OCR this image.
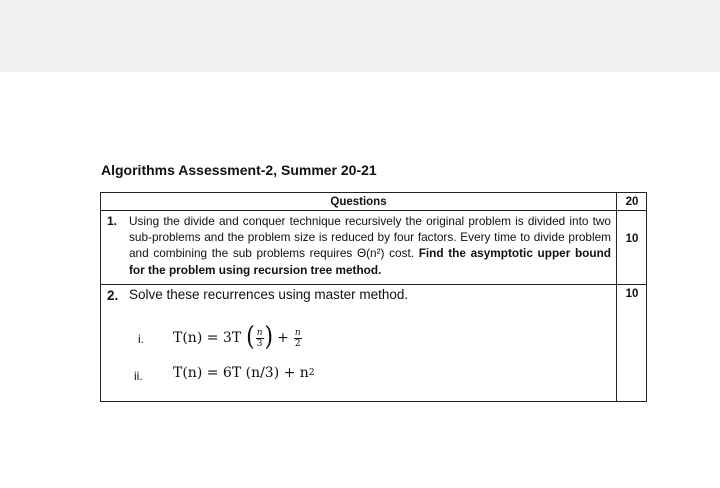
Algorithms Assessment-2, Summer 20-21
Questions	20
1. Using the divide and conquer technique recursively the original problem is divided into two sub-problems and the problem size is reduced by four factors. Every time to divide problem and combining the sub problems requires Θ(n²) cost. Find the asymptotic upper bound for the problem using recursion tree method.
10
2. Solve these recurrences using master method.	10
i. T(n) = 3T ( $\frac{n}{3}$ ) + $\frac{n}{2}$
ii. T(n) = 6T (n/3) + n 2
